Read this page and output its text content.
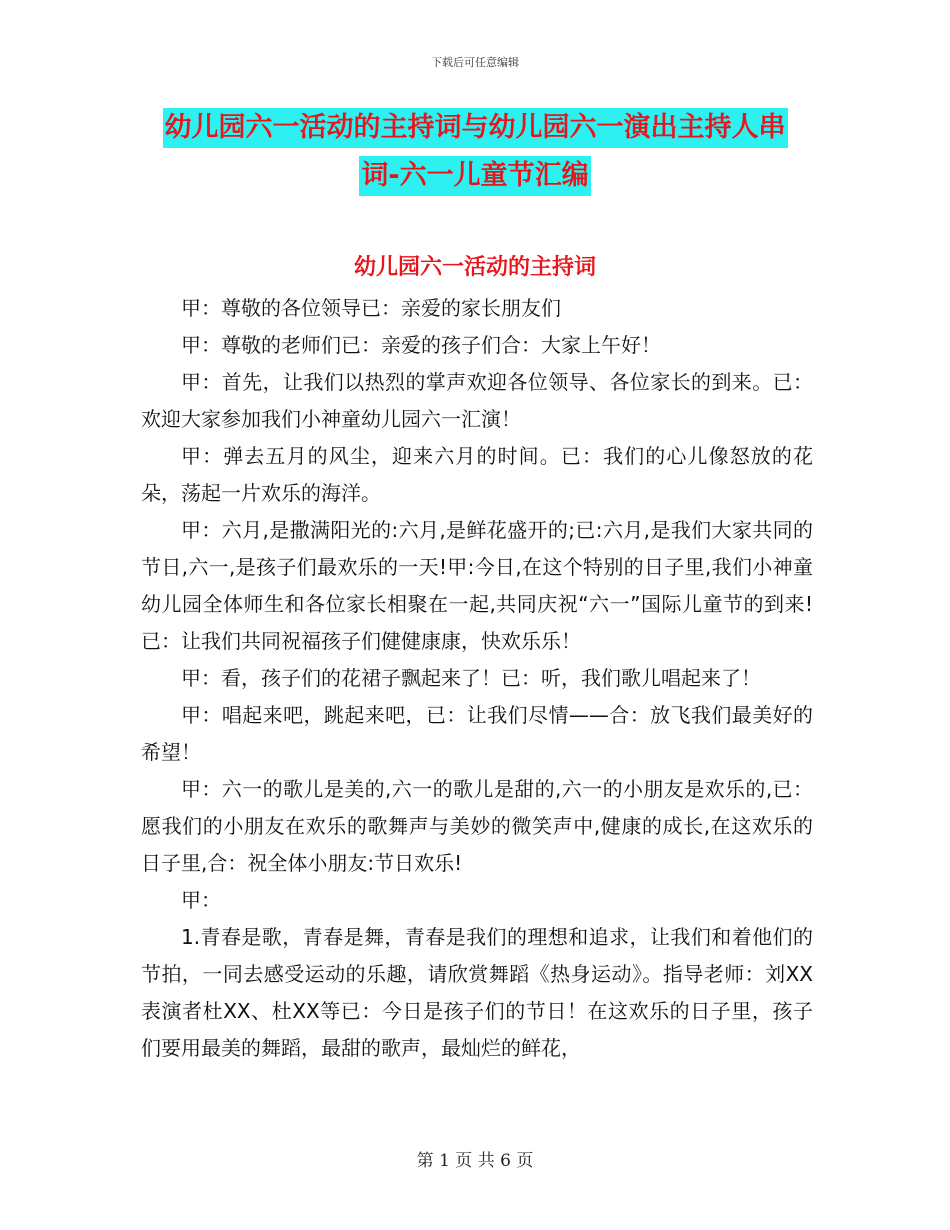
下载后可任意编辑
幼儿园六一活动的主持词与幼儿园六一演出主持人串
词-六一儿童节汇编
幼儿园六一活动的主持词

甲：尊敬的各位领导已：亲爱的家长朋友们

甲：尊敬的老师们已：亲爱的孩子们合：大家上午好！

甲：首先，让我们以热烈的掌声欢迎各位领导、各位家长的到来。已：欢迎大家参加我们小神童幼儿园六一汇演！

甲：弹去五月的风尘，迎来六月的时间。已：我们的心儿像怒放的花朵，荡起一片欢乐的海洋。

甲：六月,是撒满阳光的:六月,是鲜花盛开的;已:六月,是我们大家共同的节日,六一,是孩子们最欢乐的一天!甲:今日,在这个特别的日子里,我们小神童幼儿园全体师生和各位家长相聚在一起,共同庆祝“六一”国际儿童节的到来!已：让我们共同祝福孩子们健健康康，快欢乐乐！

甲：看，孩子们的花裙子飘起来了！已：听，我们歌儿唱起来了！

甲：唱起来吧，跳起来吧，已：让我们尽情——合：放飞我们最美好的希望！

甲：六一的歌儿是美的,六一的歌儿是甜的,六一的小朋友是欢乐的,已：愿我们的小朋友在欢乐的歌舞声与美妙的微笑声中,健康的成长,在这欢乐的日子里,合：祝全体小朋友:节日欢乐!

甲：

1.青春是歌，青春是舞，青春是我们的理想和追求，让我们和着他们的节拍，一同去感受运动的乐趣，请欣赏舞蹈《热身运动》。指导老师：刘XX表演者杜XX、杜XX等已：今日是孩子们的节日！在这欢乐的日子里，孩子们要用最美的舞蹈，最甜的歌声，最灿烂的鲜花，

第 1 页 共 6 页
